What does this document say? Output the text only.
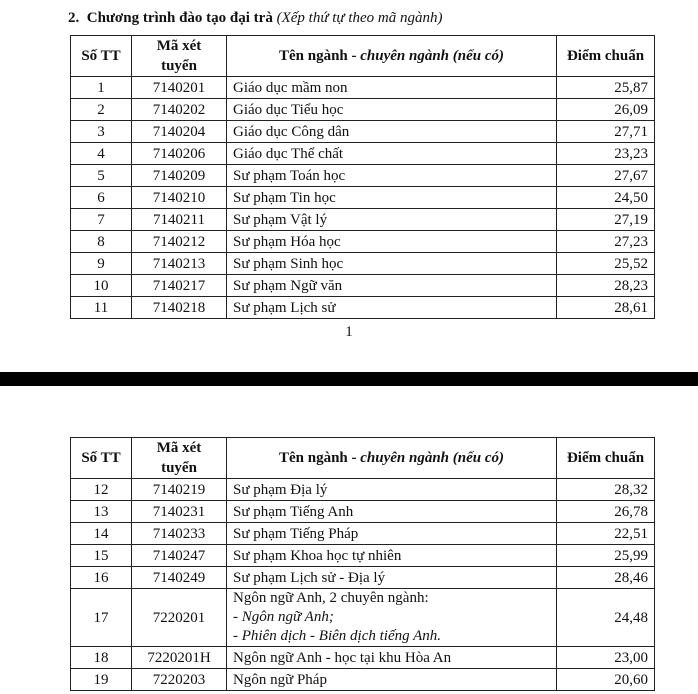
2. Chương trình đào tạo đại trà (Xếp thứ tự theo mã ngành)
Số TT	Mã xét tuyển	Tên ngành - chuyên ngành (nếu có)	Điểm chuẩn
1	7140201	Giáo dục mầm non	25,87
2	7140202	Giáo dục Tiểu học	26,09
3	7140204	Giáo dục Công dân	27,71
4	7140206	Giáo dục Thể chất	23,23
5	7140209	Sư phạm Toán học	27,67
6	7140210	Sư phạm Tin học	24,50
7	7140211	Sư phạm Vật lý	27,19
8	7140212	Sư phạm Hóa học	27,23
9	7140213	Sư phạm Sinh học	25,52
10	7140217	Sư phạm Ngữ văn	28,23
11	7140218	Sư phạm Lịch sử	28,61
1
Số TT	Mã xét tuyển	Tên ngành - chuyên ngành (nếu có)	Điểm chuẩn
12	7140219	Sư phạm Địa lý	28,32
13	7140231	Sư phạm Tiếng Anh	26,78
14	7140233	Sư phạm Tiếng Pháp	22,51
15	7140247	Sư phạm Khoa học tự nhiên	25,99
16	7140249	Sư phạm Lịch sử - Địa lý	28,46
17	7220201	Ngôn ngữ Anh, 2 chuyên ngành:
- Ngôn ngữ Anh;
- Phiên dịch - Biên dịch tiếng Anh.	24,48
18	7220201H	Ngôn ngữ Anh - học tại khu Hòa An	23,00
19	7220203	Ngôn ngữ Pháp	20,60
